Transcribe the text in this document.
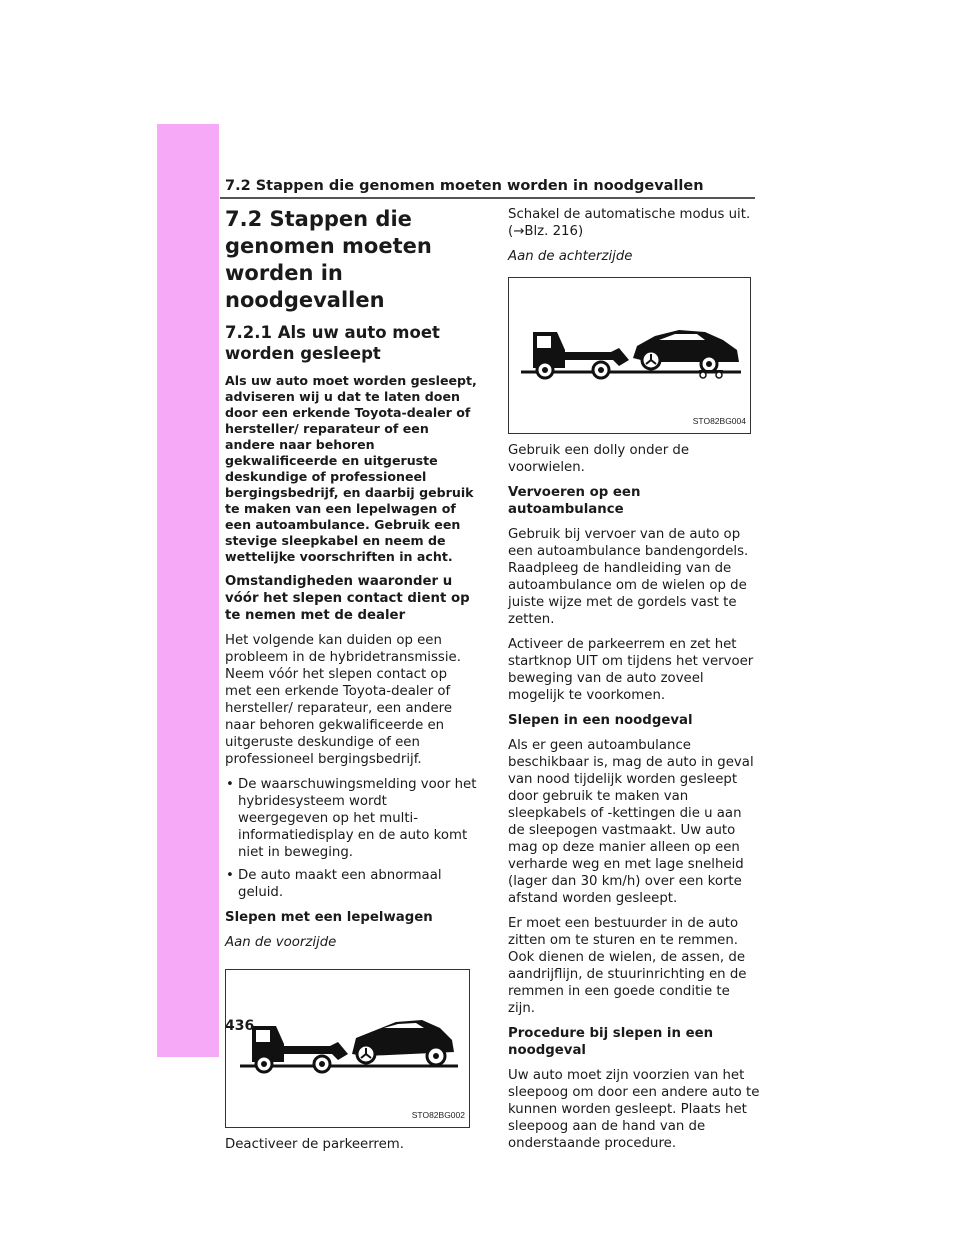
7.2 Stappen die genomen moeten worden in noodgevallen
7.2 Stappen die genomen moeten worden in noodgevallen
7.2.1 Als uw auto moet worden gesleept

Als uw auto moet worden gesleept, adviseren wij u dat te laten doen door een erkende Toyota-dealer of hersteller/ reparateur of een andere naar behoren gekwalificeerde en uitgeruste deskundige of professioneel bergingsbedrijf, en daarbij gebruik te maken van een lepelwagen of een autoambulance. Gebruik een stevige sleepkabel en neem de wettelijke voorschriften in acht.

Omstandigheden waaronder u vóór het slepen contact dient op te nemen met de dealer

Het volgende kan duiden op een probleem in de hybridetransmissie. Neem vóór het slepen contact op met een erkende Toyota-dealer of hersteller/ reparateur, een andere naar behoren gekwalificeerde en uitgeruste deskundige of een professioneel bergingsbedrijf.

• De waarschuwingsmelding voor het hybridesysteem wordt weergegeven op het multi-informatiedisplay en de auto komt niet in beweging.
• De auto maakt een abnormaal geluid.

Slepen met een lepelwagen

Aan de voorzijde

STO82BG002

Deactiveer de parkeerrem.

Schakel de automatische modus uit. (→Blz. 216)

Aan de achterzijde

STO82BG004

Gebruik een dolly onder de voorwielen.

Vervoeren op een autoambulance

Gebruik bij vervoer van de auto op een autoambulance bandengordels. Raadpleeg de handleiding van de autoambulance om de wielen op de juiste wijze met de gordels vast te zetten.

Activeer de parkeerrem en zet het startknop UIT om tijdens het vervoer beweging van de auto zoveel mogelijk te voorkomen.

Slepen in een noodgeval

Als er geen autoambulance beschikbaar is, mag de auto in geval van nood tijdelijk worden gesleept door gebruik te maken van sleepkabels of -kettingen die u aan de sleepogen vastmaakt. Uw auto mag op deze manier alleen op een verharde weg en met lage snelheid (lager dan 30 km/h) over een korte afstand worden gesleept.

Er moet een bestuurder in de auto zitten om te sturen en te remmen. Ook dienen de wielen, de assen, de aandrijflijn, de stuurinrichting en de remmen in een goede conditie te zijn.

Procedure bij slepen in een noodgeval

Uw auto moet zijn voorzien van het sleepoog om door een andere auto te kunnen worden gesleept. Plaats het sleepoog aan de hand van de onderstaande procedure.

436
